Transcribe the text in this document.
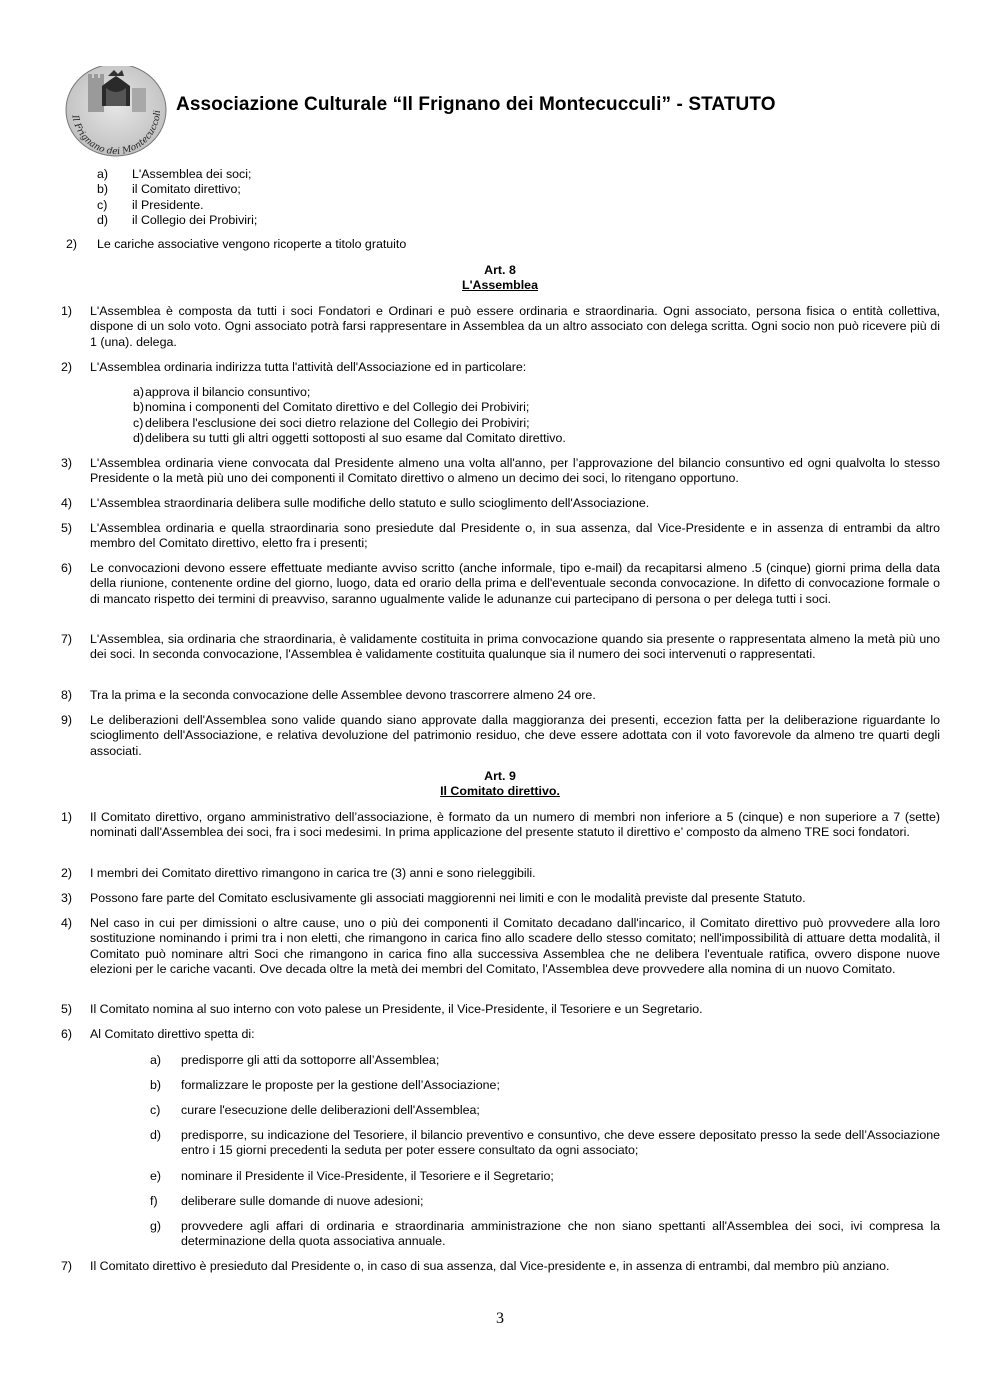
Il Frignano dei Montecuccoli Associazione Culturale “Il Frignano dei Montecucculi” - STATUTO
a)	L'Assemblea dei soci;
b)	il Comitato direttivo;
c)	il Presidente.
d)	il Collegio dei Probiviri;
2)	Le cariche associative vengono ricoperte a titolo gratuito
Art. 8
L'Assemblea
1)	L'Assemblea è composta da tutti i soci Fondatori e Ordinari e può essere ordinaria e straordinaria. Ogni associato, persona fisica o entità collettiva, dispone di un solo voto. Ogni associato potrà farsi rappresentare in Assemblea da un altro associato con delega scritta. Ogni socio non può ricevere più di 1 (una). delega.
2)	L'Assemblea ordinaria indirizza tutta l'attività dell'Associazione ed in particolare:
a) approva il bilancio consuntivo;
b) nomina i componenti del Comitato direttivo e del Collegio dei Probiviri;
c) delibera l'esclusione dei soci dietro relazione del Collegio dei Probiviri;
d) delibera su tutti gli altri oggetti sottoposti al suo esame dal Comitato direttivo.
3)	L'Assemblea ordinaria viene convocata dal Presidente almeno una volta all'anno, per l’approvazione del bilancio consuntivo ed ogni qualvolta lo stesso Presidente o la metà più uno dei componenti il Comitato direttivo o almeno un decimo dei soci, lo ritengano opportuno.
4)	L'Assemblea straordinaria delibera sulle modifiche dello statuto e sullo scioglimento dell'Associazione.
5)	L'Assemblea ordinaria e quella straordinaria sono presiedute dal Presidente o, in sua assenza, dal Vice-Presidente e in assenza di entrambi da altro membro del Comitato direttivo, eletto fra i presenti;
6)	Le convocazioni devono essere effettuate mediante avviso scritto (anche informale, tipo e-mail) da recapitarsi almeno .5 (cinque) giorni prima della data della riunione, contenente ordine del giorno, luogo, data ed orario della prima e dell'eventuale seconda convocazione. In difetto di convocazione formale o di mancato rispetto dei termini di preavviso, saranno ugualmente valide le adunanze cui partecipano di persona o per delega tutti i soci.
7)	L'Assemblea, sia ordinaria che straordinaria, è validamente costituita in prima convocazione quando sia presente o rappresentata almeno la metà più uno dei soci. In seconda convocazione, l'Assemblea è validamente costituita qualunque sia il numero dei soci intervenuti o rappresentati.
8)	Tra la prima e la seconda convocazione delle Assemblee devono trascorrere almeno 24 ore.
9)	Le deliberazioni dell'Assemblea sono valide quando siano approvate dalla maggioranza dei presenti, eccezion fatta per la deliberazione riguardante lo scioglimento dell'Associazione, e relativa devoluzione del patrimonio residuo, che deve essere adottata con il voto favorevole da almeno tre quarti degli associati.
Art. 9
Il Comitato direttivo.
1)	Il Comitato direttivo, organo amministrativo dell’associazione, è formato da un numero di membri non inferiore a 5 (cinque) e non superiore a 7 (sette) nominati dall'Assemblea dei soci, fra i soci medesimi. In prima applicazione del presente statuto il direttivo e’ composto da almeno TRE soci fondatori.
2)	I membri dei Comitato direttivo rimangono in carica tre (3) anni e sono rieleggibili.
3)	Possono fare parte del Comitato esclusivamente gli associati maggiorenni nei limiti e con le modalità previste dal presente Statuto.
4)	Nel caso in cui per dimissioni o altre cause, uno o più dei componenti il Comitato decadano dall'incarico, il Comitato direttivo può provvedere alla loro sostituzione nominando i primi tra i non eletti, che rimangono in carica fino allo scadere dello stesso comitato; nell'impossibilità di attuare detta modalità, il Comitato può nominare altri Soci che rimangono in carica fino alla successiva Assemblea che ne delibera l'eventuale ratifica, ovvero dispone nuove elezioni per le cariche vacanti. Ove decada oltre la metà dei membri del Comitato, l'Assemblea deve provvedere alla nomina di un nuovo Comitato.
5)	Il Comitato nomina al suo interno con voto palese un Presidente, il Vice-Presidente, il Tesoriere e un Segretario.
6)	Al Comitato direttivo spetta di:
a)	predisporre gli atti da sottoporre all’Assemblea;
b)	formalizzare le proposte per la gestione dell’Associazione;
c)	curare l'esecuzione delle deliberazioni dell'Assemblea;
d)	predisporre, su indicazione del Tesoriere, il bilancio preventivo e consuntivo, che deve essere depositato presso la sede dell’Associazione entro i 15 giorni precedenti la seduta per poter essere consultato da ogni associato;
e)	nominare il Presidente il Vice-Presidente, il Tesoriere e il Segretario;
f)	deliberare sulle domande di nuove adesioni;
g)	provvedere agli affari di ordinaria e straordinaria amministrazione che non siano spettanti all'Assemblea dei soci, ivi compresa la determinazione della quota associativa annuale.
7)	Il Comitato direttivo è presieduto dal Presidente o, in caso di sua assenza, dal Vice-presidente e, in assenza di entrambi, dal membro più anziano.
3
